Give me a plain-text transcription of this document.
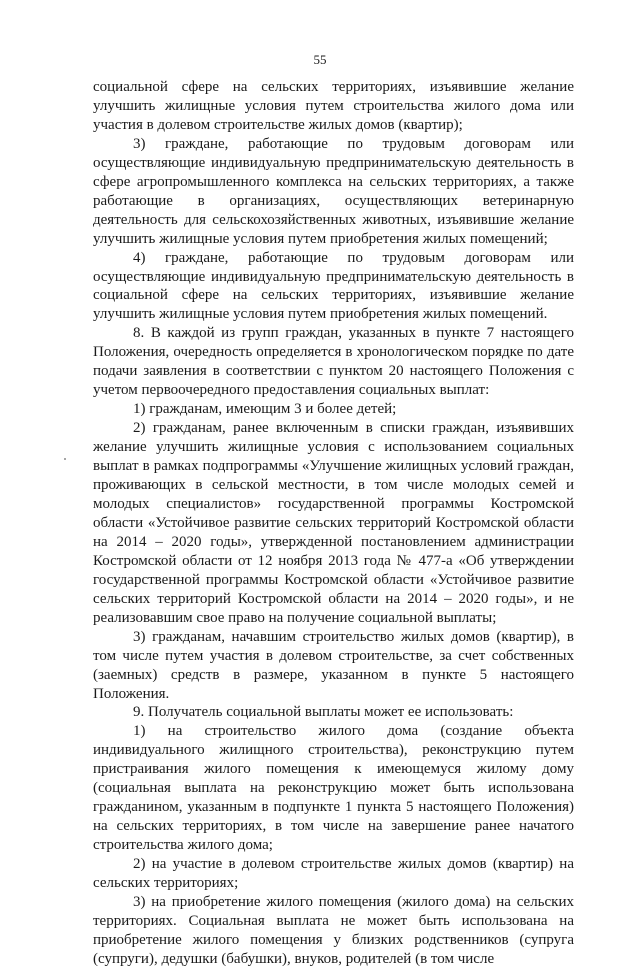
55

социальной сфере на сельских территориях, изъявившие желание улучшить жилищные условия путем строительства жилого дома или участия в долевом строительстве жилых домов (квартир);

3) граждане, работающие по трудовым договорам или осуществляющие индивидуальную предпринимательскую деятельность в сфере агропромышленного комплекса на сельских территориях, а также работающие в организациях, осуществляющих ветеринарную деятельность для сельскохозяйственных животных, изъявившие желание улучшить жилищные условия путем приобретения жилых помещений;

4) граждане, работающие по трудовым договорам или осуществляющие индивидуальную предпринимательскую деятельность в социальной сфере на сельских территориях, изъявившие желание улучшить жилищные условия путем приобретения жилых помещений.

8. В каждой из групп граждан, указанных в пункте 7 настоящего Положения, очередность определяется в хронологическом порядке по дате подачи заявления в соответствии с пунктом 20 настоящего Положения с учетом первоочередного предоставления социальных выплат:

1) гражданам, имеющим 3 и более детей;

2) гражданам, ранее включенным в списки граждан, изъявивших желание улучшить жилищные условия с использованием социальных выплат в рамках подпрограммы «Улучшение жилищных условий граждан, проживающих в сельской местности, в том числе молодых семей и молодых специалистов» государственной программы Костромской области «Устойчивое развитие сельских территорий Костромской области на 2014 – 2020 годы», утвержденной постановлением администрации Костромской области от 12 ноября 2013 года № 477-а «Об утверждении государственной программы Костромской области «Устойчивое развитие сельских территорий Костромской области на 2014 – 2020 годы», и не реализовавшим свое право на получение социальной выплаты;

3) гражданам, начавшим строительство жилых домов (квартир), в том числе путем участия в долевом строительстве, за счет собственных (заемных) средств в размере, указанном в пункте 5 настоящего Положения.

9. Получатель социальной выплаты может ее использовать:

1) на строительство жилого дома (создание объекта индивидуального жилищного строительства), реконструкцию путем пристраивания жилого помещения к имеющемуся жилому дому (социальная выплата на реконструкцию может быть использована гражданином, указанным в подпункте 1 пункта 5 настоящего Положения) на сельских территориях, в том числе на завершение ранее начатого строительства жилого дома;

2) на участие в долевом строительстве жилых домов (квартир) на сельских территориях;

3) на приобретение жилого помещения (жилого дома) на сельских территориях. Социальная выплата не может быть использована на приобретение жилого помещения у близких родственников (супруга (супруги), дедушки (бабушки), внуков, родителей (в том числе
